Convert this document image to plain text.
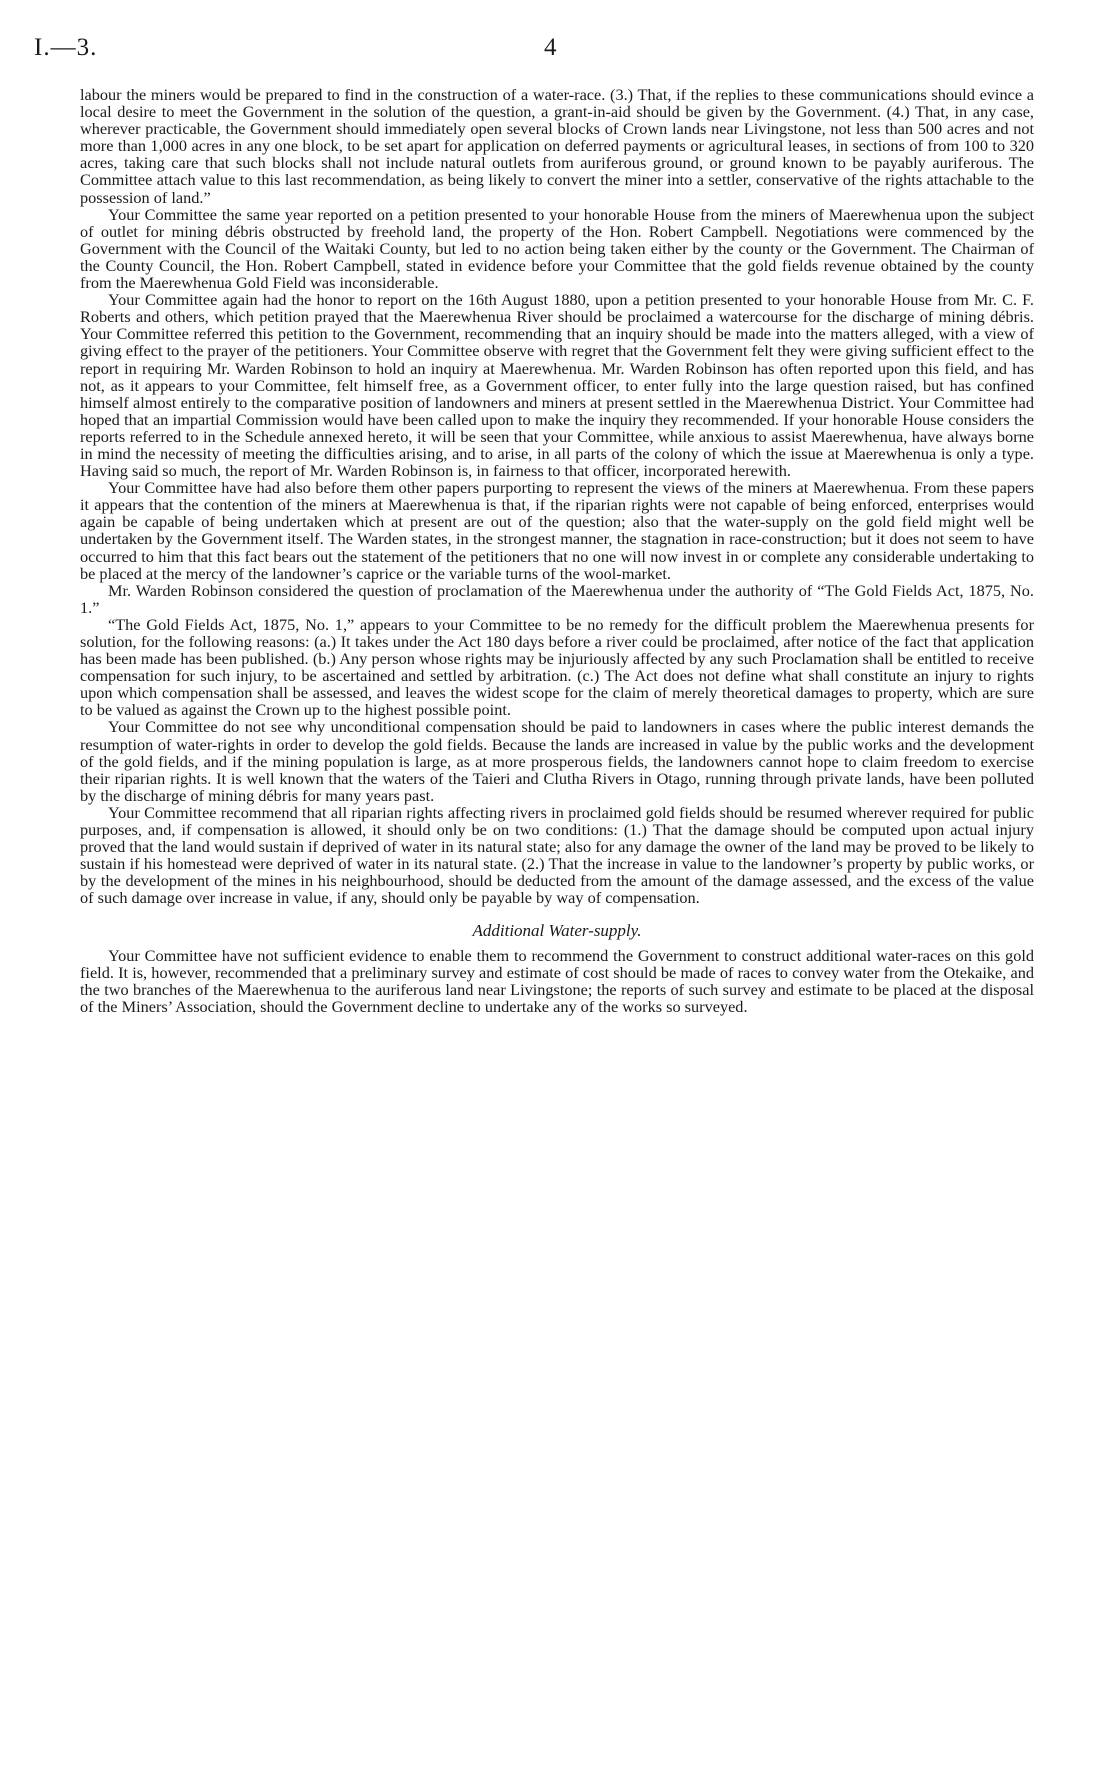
I.—3.	4

labour the miners would be prepared to find in the construction of a water-race. (3.) That, if the replies to these communications should evince a local desire to meet the Government in the solution of the question, a grant-in-aid should be given by the Government. (4.) That, in any case, wherever practicable, the Government should immediately open several blocks of Crown lands near Livingstone, not less than 500 acres and not more than 1,000 acres in any one block, to be set apart for application on deferred payments or agricultural leases, in sections of from 100 to 320 acres, taking care that such blocks shall not include natural outlets from auriferous ground, or ground known to be payably auriferous. The Committee attach value to this last recommendation, as being likely to convert the miner into a settler, conservative of the rights attachable to the possession of land.”

Your Committee the same year reported on a petition presented to your honorable House from the miners of Maerewhenua upon the subject of outlet for mining débris obstructed by freehold land, the property of the Hon. Robert Campbell. Negotiations were commenced by the Government with the Council of the Waitaki County, but led to no action being taken either by the county or the Government. The Chairman of the County Council, the Hon. Robert Campbell, stated in evidence before your Committee that the gold fields revenue obtained by the county from the Maerewhenua Gold Field was inconsiderable.

Your Committee again had the honor to report on the 16th August 1880, upon a petition presented to your honorable House from Mr. C. F. Roberts and others, which petition prayed that the Maerewhenua River should be proclaimed a watercourse for the discharge of mining débris. Your Committee referred this petition to the Government, recommending that an inquiry should be made into the matters alleged, with a view of giving effect to the prayer of the petitioners. Your Committee observe with regret that the Government felt they were giving sufficient effect to the report in requiring Mr. Warden Robinson to hold an inquiry at Maerewhenua. Mr. Warden Robinson has often reported upon this field, and has not, as it appears to your Committee, felt himself free, as a Government officer, to enter fully into the large question raised, but has confined himself almost entirely to the comparative position of landowners and miners at present settled in the Maerewhenua District. Your Committee had hoped that an impartial Commission would have been called upon to make the inquiry they recommended. If your honorable House considers the reports referred to in the Schedule annexed hereto, it will be seen that your Committee, while anxious to assist Maerewhenua, have always borne in mind the necessity of meeting the difficulties arising, and to arise, in all parts of the colony of which the issue at Maerewhenua is only a type. Having said so much, the report of Mr. Warden Robinson is, in fairness to that officer, incorporated herewith.

Your Committee have had also before them other papers purporting to represent the views of the miners at Maerewhenua. From these papers it appears that the contention of the miners at Maerewhenua is that, if the riparian rights were not capable of being enforced, enterprises would again be capable of being undertaken which at present are out of the question; also that the water-supply on the gold field might well be undertaken by the Government itself. The Warden states, in the strongest manner, the stagnation in race-construction; but it does not seem to have occurred to him that this fact bears out the statement of the petitioners that no one will now invest in or complete any considerable undertaking to be placed at the mercy of the landowner’s caprice or the variable turns of the wool-market.

Mr. Warden Robinson considered the question of proclamation of the Maerewhenua under the authority of “The Gold Fields Act, 1875, No. 1.”

“The Gold Fields Act, 1875, No. 1,” appears to your Committee to be no remedy for the difficult problem the Maerewhenua presents for solution, for the following reasons: (a.) It takes under the Act 180 days before a river could be proclaimed, after notice of the fact that application has been made has been published. (b.) Any person whose rights may be injuriously affected by any such Proclamation shall be entitled to receive compensation for such injury, to be ascertained and settled by arbitration. (c.) The Act does not define what shall constitute an injury to rights upon which compensation shall be assessed, and leaves the widest scope for the claim of merely theoretical damages to property, which are sure to be valued as against the Crown up to the highest possible point.

Your Committee do not see why unconditional compensation should be paid to landowners in cases where the public interest demands the resumption of water-rights in order to develop the gold fields. Because the lands are increased in value by the public works and the development of the gold fields, and if the mining population is large, as at more prosperous fields, the landowners cannot hope to claim freedom to exercise their riparian rights. It is well known that the waters of the Taieri and Clutha Rivers in Otago, running through private lands, have been polluted by the discharge of mining débris for many years past.

Your Committee recommend that all riparian rights affecting rivers in proclaimed gold fields should be resumed wherever required for public purposes, and, if compensation is allowed, it should only be on two conditions: (1.) That the damage should be computed upon actual injury proved that the land would sustain if deprived of water in its natural state; also for any damage the owner of the land may be proved to be likely to sustain if his homestead were deprived of water in its natural state. (2.) That the increase in value to the landowner’s property by public works, or by the development of the mines in his neighbourhood, should be deducted from the amount of the damage assessed, and the excess of the value of such damage over increase in value, if any, should only be payable by way of compensation.

Additional Water-supply.

Your Committee have not sufficient evidence to enable them to recommend the Government to construct additional water-races on this gold field. It is, however, recommended that a preliminary survey and estimate of cost should be made of races to convey water from the Otekaike, and the two branches of the Maerewhenua to the auriferous land near Livingstone; the reports of such survey and estimate to be placed at the disposal of the Miners’ Association, should the Government decline to undertake any of the works so surveyed.
